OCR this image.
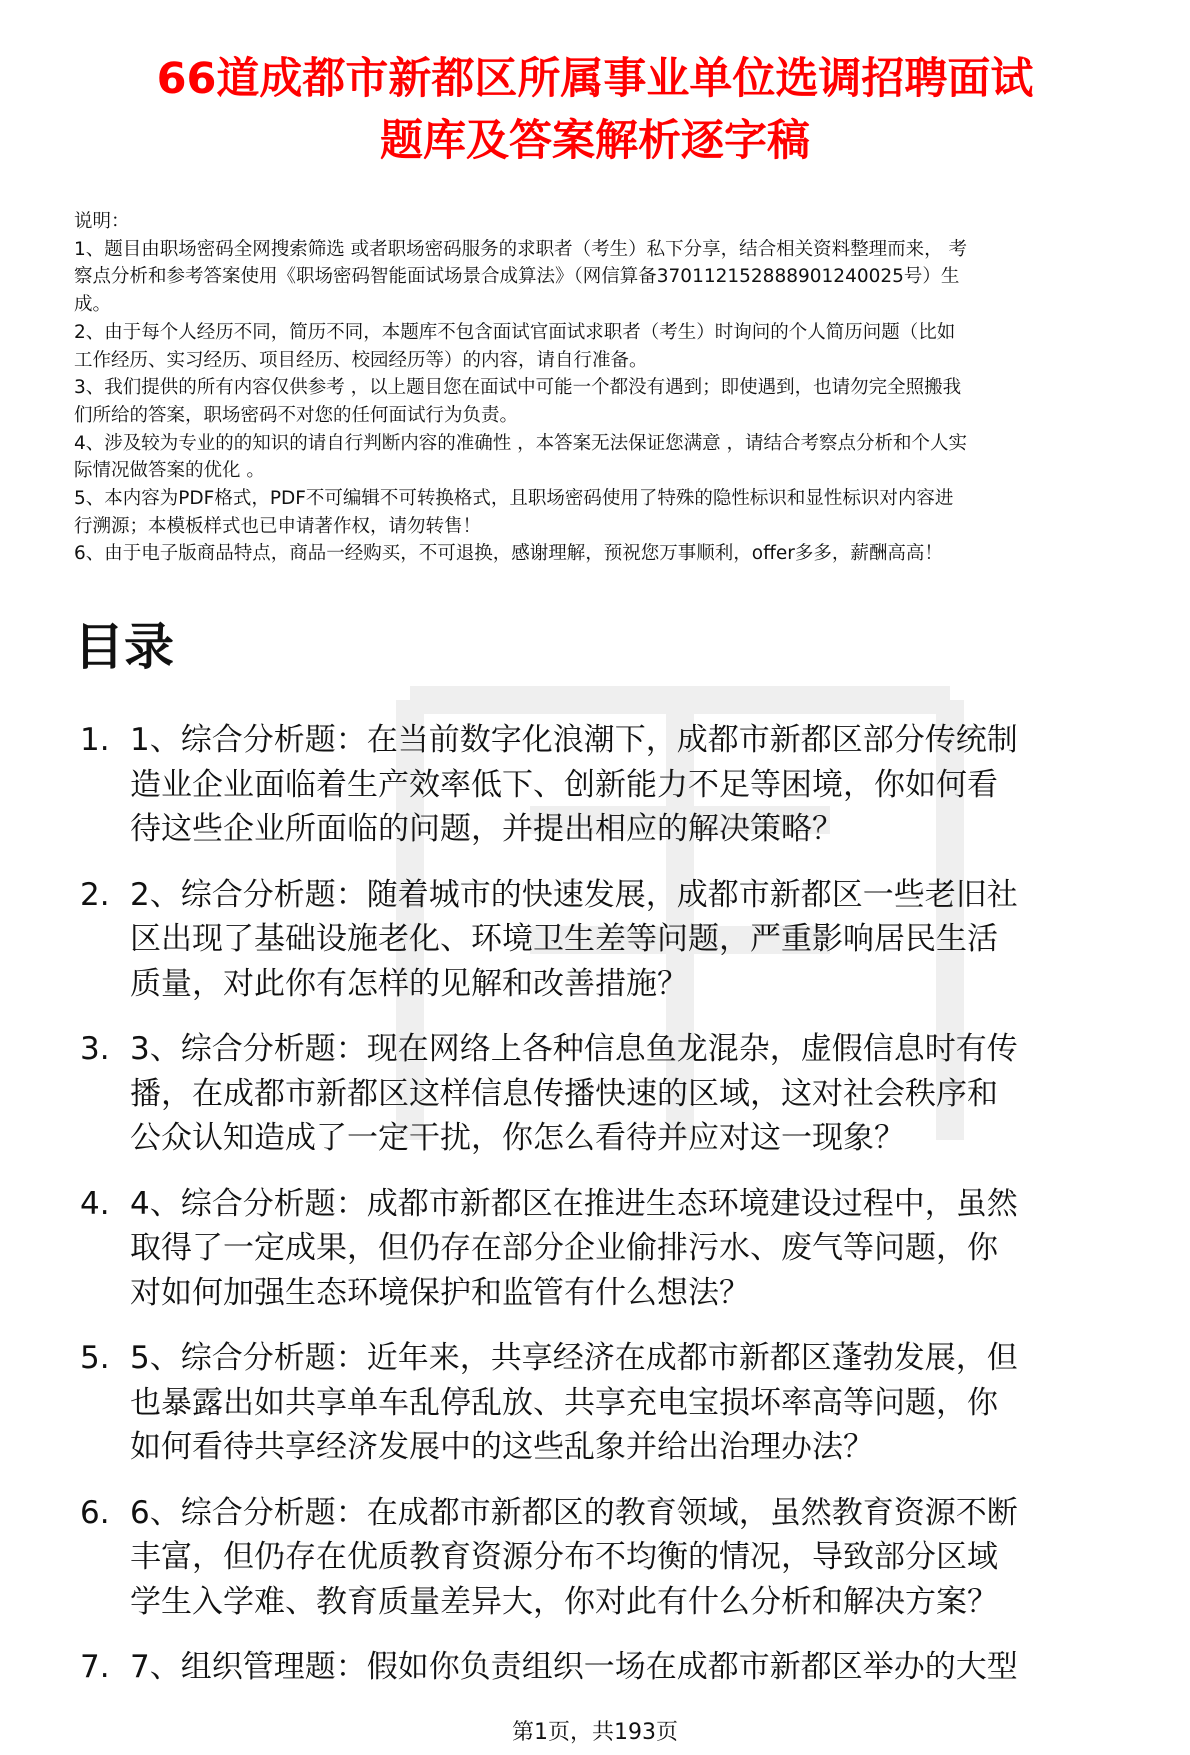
66道成都市新都区所属事业单位选调招聘面试
题库及答案解析逐字稿
说明：
1、题目由职场密码全网搜索筛选 或者职场密码服务的求职者（考生）私下分享，结合相关资料整理而来， 考
察点分析和参考答案使用《职场密码智能面试场景合成算法》（网信算备370112152888901240025号）生
成。
2、由于每个人经历不同，简历不同，本题库不包含面试官面试求职者（考生）时询问的个人简历问题（比如
工作经历、实习经历、项目经历、校园经历等）的内容，请自行准备。
3、我们提供的所有内容仅供参考 ，以上题目您在面试中可能一个都没有遇到；即使遇到，也请勿完全照搬我
们所给的答案，职场密码不对您的任何面试行为负责。
4、涉及较为专业的的知识的请自行判断内容的准确性 ，本答案无法保证您满意 ，请结合考察点分析和个人实
际情况做答案的优化 。
5、本内容为PDF格式，PDF不可编辑不可转换格式，且职场密码使用了特殊的隐性标识和显性标识对内容进
行溯源；本模板样式也已申请著作权，请勿转售！
6、由于电子版商品特点，商品一经购买，不可退换，感谢理解，预祝您万事顺利，offer多多，薪酬高高！
目录
1. 1、综合分析题：在当前数字化浪潮下，成都市新都区部分传统制
造业企业面临着生产效率低下、创新能力不足等困境，你如何看
待这些企业所面临的问题，并提出相应的解决策略？
2. 2、综合分析题：随着城市的快速发展，成都市新都区一些老旧社
区出现了基础设施老化、环境卫生差等问题，严重影响居民生活
质量，对此你有怎样的见解和改善措施？
3. 3、综合分析题：现在网络上各种信息鱼龙混杂，虚假信息时有传
播，在成都市新都区这样信息传播快速的区域，这对社会秩序和
公众认知造成了一定干扰，你怎么看待并应对这一现象？
4. 4、综合分析题：成都市新都区在推进生态环境建设过程中，虽然
取得了一定成果，但仍存在部分企业偷排污水、废气等问题，你
对如何加强生态环境保护和监管有什么想法？
5. 5、综合分析题：近年来，共享经济在成都市新都区蓬勃发展，但
也暴露出如共享单车乱停乱放、共享充电宝损坏率高等问题，你
如何看待共享经济发展中的这些乱象并给出治理办法？
6. 6、综合分析题：在成都市新都区的教育领域，虽然教育资源不断
丰富，但仍存在优质教育资源分布不均衡的情况，导致部分区域
学生入学难、教育质量差异大，你对此有什么分析和解决方案？
7. 7、组织管理题：假如你负责组织一场在成都市新都区举办的大型
第1页，共193页
